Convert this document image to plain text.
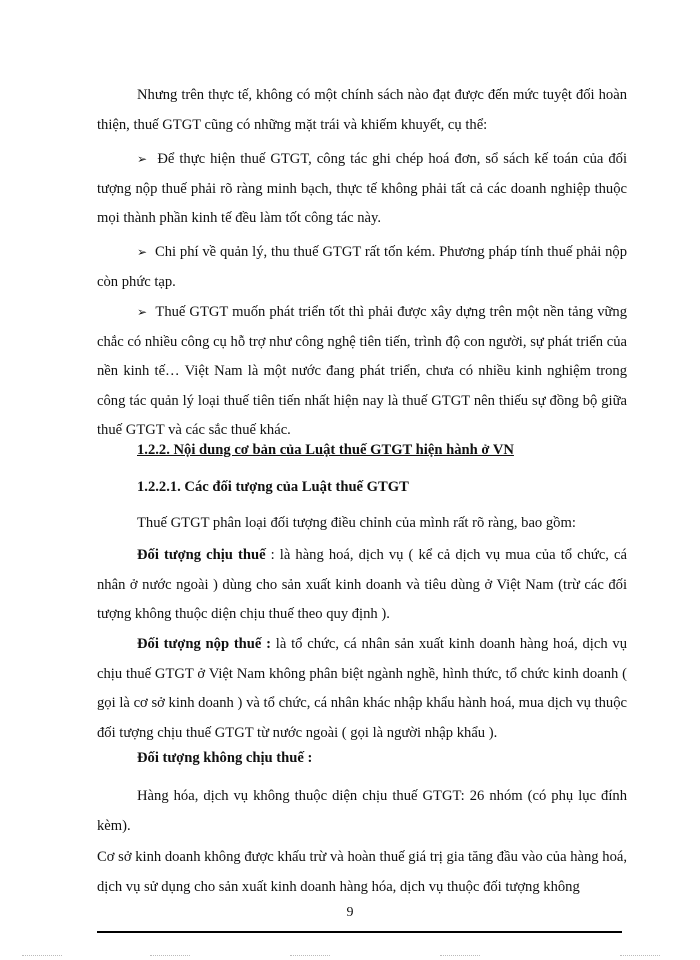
Nhưng trên thực tế, không có một chính sách nào đạt được đến mức tuyệt đối hoàn thiện, thuế GTGT cũng có những mặt trái và khiếm khuyết, cụ thể:

➢  Để thực hiện thuế GTGT, công tác ghi chép hoá đơn, sổ sách kế toán của đối tượng nộp thuế phải rõ ràng minh bạch, thực tế không phải tất cả các doanh nghiệp thuộc mọi thành phần kinh tế đều làm tốt công tác này.

➢  Chi phí về quản lý, thu thuế GTGT rất tốn kém. Phương pháp tính thuế phải nộp còn phức tạp.

➢  Thuế GTGT muốn phát triển tốt thì phải được xây dựng trên một nền tảng vững chắc có nhiều công cụ hỗ trợ như công nghệ tiên tiến, trình độ con người, sự phát triển của nền kinh tế… Việt Nam là một nước đang phát triển, chưa có nhiều kinh nghiệm trong công tác quản lý loại thuế tiên tiến nhất hiện nay là thuế GTGT nên thiếu sự đồng bộ giữa thuế GTGT và các sắc thuế khác.

1.2.2. Nội dung cơ bản của Luật thuế GTGT hiện hành ở VN
1.2.2.1. Các đối tượng của Luật thuế GTGT

Thuế GTGT phân loại đối tượng điều chỉnh của mình rất rõ ràng, bao gồm:

Đối tượng chịu thuế : là hàng hoá, dịch vụ ( kể cả dịch vụ mua của tổ chức, cá nhân ở nước ngoài ) dùng cho sản xuất kinh doanh và tiêu dùng ở Việt Nam (trừ các đối tượng không thuộc diện chịu thuế theo quy định ).

Đối tượng nộp thuế : là tổ chức, cá nhân sản xuất kinh doanh hàng hoá, dịch vụ chịu thuế GTGT ở Việt Nam không phân biệt ngành nghề, hình thức, tổ chức kinh doanh ( gọi là cơ sở kinh doanh ) và tổ chức, cá nhân khác nhập khẩu hành hoá, mua dịch vụ thuộc đối tượng chịu thuế GTGT từ nước ngoài ( gọi là người nhập khẩu ).

Đối tượng không chịu thuế :

Hàng hóa, dịch vụ không thuộc diện chịu thuế GTGT: 26 nhóm (có phụ lục đính kèm).

Cơ sở kinh doanh không được khấu trừ và hoàn thuế giá trị gia tăng đầu vào của hàng hoá, dịch vụ sử dụng cho sản xuất kinh doanh hàng hóa, dịch vụ thuộc đối tượng không

9
